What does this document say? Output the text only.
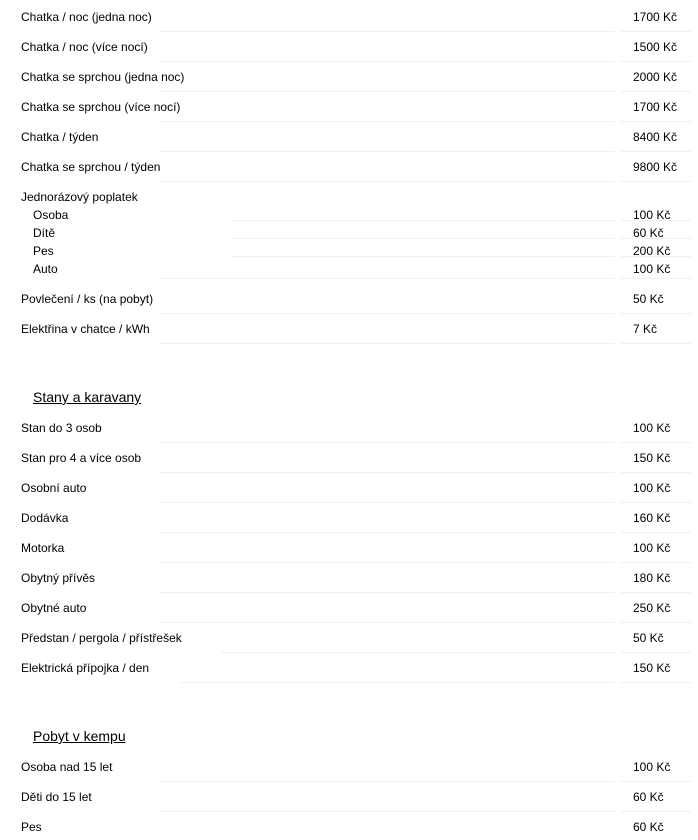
Chatka / noc (jedna noc)	1700 Kč
Chatka / noc (více nocí)	1500 Kč
Chatka se sprchou (jedna noc)	2000 Kč
Chatka se sprchou (více nocí)	1700 Kč
Chatka / týden	8400 Kč
Chatka se sprchou / týden	9800 Kč
Jednorázový poplatek
Osoba	100 Kč
Dítě	60 Kč
Pes	200 Kč
Auto	100 Kč
Povlečení / ks (na pobyt)	50 Kč
Elektřina v chatce / kWh	7 Kč
Stany a karavany
Stan do 3 osob	100 Kč
Stan pro 4 a více osob	150 Kč
Osobní auto	100 Kč
Dodávka	160 Kč
Motorka	100 Kč
Obytný přívěs	180 Kč
Obytné auto	250 Kč
Předstan / pergola / přístřešek	50 Kč
Elektrická přípojka / den	150 Kč
Pobyt v kempu
Osoba nad 15 let	100 Kč
Děti do 15 let	60 Kč
Pes	60 Kč
